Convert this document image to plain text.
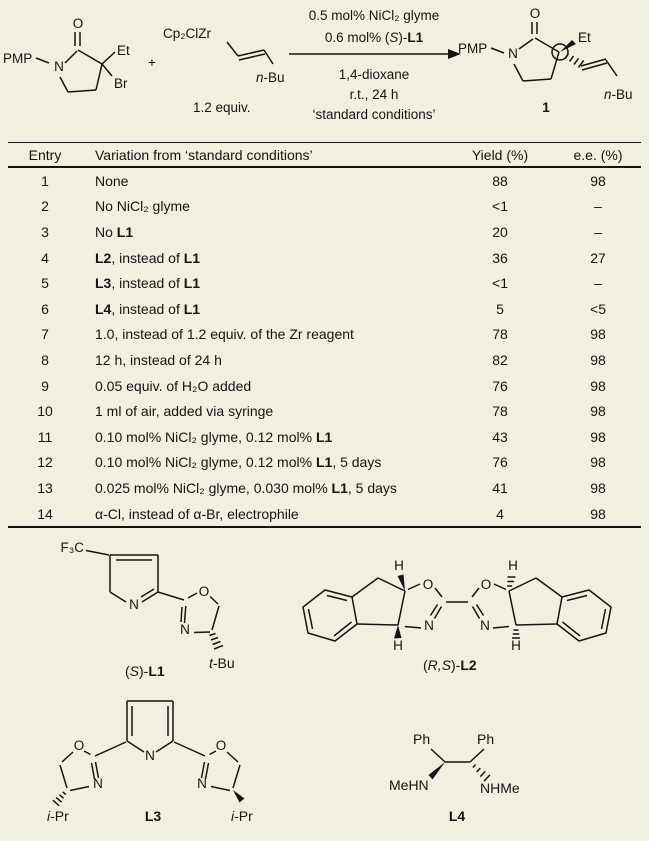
PMP
N
O
Et
Br
+
Cp₂ClZr
n-Bu
1.2 equiv.
0.5 mol% NiCl₂ glyme
0.6 mol% (S)-L1
1,4-dioxane
r.t., 24 h
‘standard conditions’
PMP N
O
Et
n-Bu
1
Entry	Variation from ‘standard conditions’	Yield (%)	e.e. (%)
1	None	88	98
2	No NiCl₂ glyme	<1	–
3	No L1	20	–
4	L2, instead of L1	36	27
5	L3, instead of L1	<1	–
6	L4, instead of L1	5	<5
7	1.0, instead of 1.2 equiv. of the Zr reagent	78	98
8	12 h, instead of 24 h	82	98
9	0.05 equiv. of H₂O added	76	98
10	1 ml of air, added via syringe	78	98
11	0.10 mol% NiCl₂ glyme, 0.12 mol% L1	43	98
12	0.10 mol% NiCl₂ glyme, 0.12 mol% L1, 5 days	76	98
13	0.025 mol% NiCl₂ glyme, 0.030 mol% L1, 5 days	41	98
14	α-Cl, instead of α-Br, electrophile	4	98
F₃C
N
O
N
t-Bu
(S)-L1
O
N
H
H
O
N
H
H
(R,S)-L2
N
O
N
i-Pr
O
N
i-Pr
L3
Ph	Ph
MeHN	NHMe
L4
